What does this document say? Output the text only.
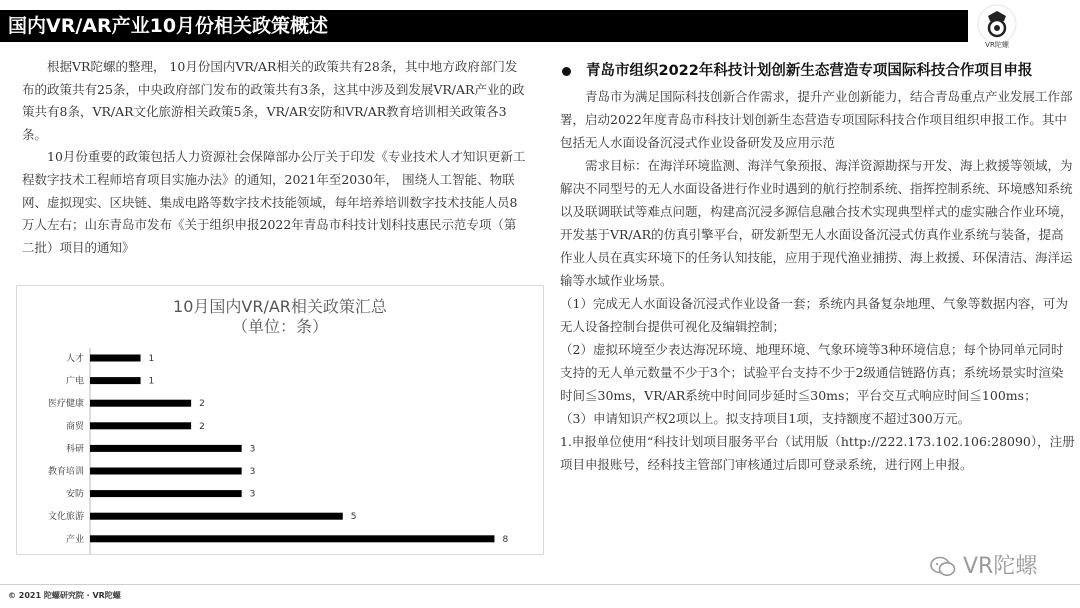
国内VR/AR产业10月份相关政策概述
VR陀螺

根据VR陀螺的整理， 10月份国内VR/AR相关的政策共有28条，其中地方政府部门发布的政策共有25条，中央政府部门发布的政策共有3条，这其中涉及到发展VR/AR产业的政策共有8条，VR/AR文化旅游相关政策5条，VR/AR安防和VR/AR教育培训相关政策各3条。

10月份重要的政策包括人力资源社会保障部办公厅关于印发《专业技术人才知识更新工程数字技术工程师培育项目实施办法》的通知，2021年至2030年， 围绕人工智能、物联网、虚拟现实、区块链、集成电路等数字技术技能领域，每年培养培训数字技术技能人员8万人左右；山东青岛市发布《关于组织申报2022年青岛市科技计划科技惠民示范专项（第二批）项目的通知》

10月国内VR/AR相关政策汇总
（单位：条）
人才	1
广电	1
医疗健康	2
商贸	2
科研	3
教育培训	3
安防	3
文化旅游	5
产业	8
青岛市组织2022年科技计划创新生态营造专项国际科技合作项目申报

青岛市为满足国际科技创新合作需求，提升产业创新能力，结合青岛重点产业发展工作部署，启动2022年度青岛市科技计划创新生态营造专项国际科技合作项目组织申报工作。其中包括无人水面设备沉浸式作业设备研发及应用示范

需求目标：在海洋环境监测、海洋气象预报、海洋资源勘探与开发、海上救援等领域，为解决不同型号的无人水面设备进行作业时遇到的航行控制系统、指挥控制系统、环境感知系统以及联调联试等难点问题，构建高沉浸多源信息融合技术实现典型样式的虚实融合作业环境，开发基于VR/AR的仿真引擎平台，研发新型无人水面设备沉浸式仿真作业系统与装备，提高作业人员在真实环境下的任务认知技能，应用于现代渔业捕捞、海上救援、环保清洁、海洋运输等水域作业场景。

（1）完成无人水面设备沉浸式作业设备一套；系统内具备复杂地理、气象等数据内容，可为无人设备控制台提供可视化及编辑控制；

（2）虚拟环境至少表达海况环境、地理环境、气象环境等3种环境信息；每个协同单元同时支持的无人单元数量不少于3个；试验平台支持不少于2级通信链路仿真；系统场景实时渲染时间≦30ms，VR/AR系统中时间同步延时≦30ms；平台交互式响应时间≦100ms；

（3）申请知识产权2项以上。拟支持项目1项，支持额度不超过300万元。

1.申报单位使用“科技计划项目服务平台（试用版（http://222.173.102.106:28090），注册项目申报账号，经科技主管部门审核通过后即可登录系统，进行网上申报。

VR陀螺
© 2021 陀螺研究院 · VR陀螺
